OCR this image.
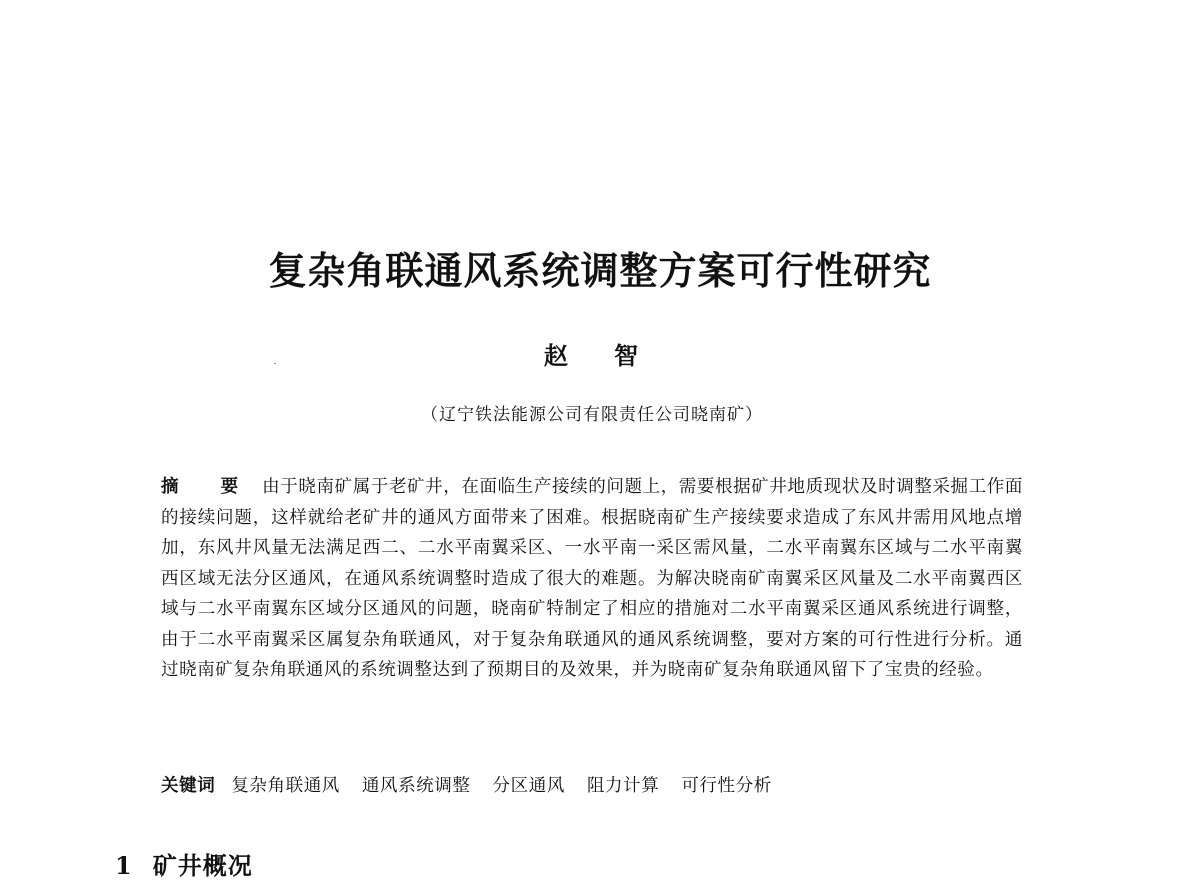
复杂角联通风系统调整方案可行性研究

赵 智

（辽宁铁法能源公司有限责任公司晓南矿）

摘 要 由于晓南矿属于老矿井，在面临生产接续的问题上，需要根据矿井地质现状及时调整采掘工作面的接续问题，这样就给老矿井的通风方面带来了困难。根据晓南矿生产接续要求造成了东风井需用风地点增加，东风井风量无法满足西二、二水平南翼采区、一水平南一采区需风量，二水平南翼东区域与二水平南翼西区域无法分区通风，在通风系统调整时造成了很大的难题。为解决晓南矿南翼采区风量及二水平南翼西区域与二水平南翼东区域分区通风的问题，晓南矿特制定了相应的措施对二水平南翼采区通风系统进行调整，由于二水平南翼采区属复杂角联通风，对于复杂角联通风的通风系统调整，要对方案的可行性进行分析。通过晓南矿复杂角联通风的系统调整达到了预期目的及效果，并为晓南矿复杂角联通风留下了宝贵的经验。

关键词 复杂角联通风 通风系统调整 分区通风 阻力计算 可行性分析

1 矿井概况
